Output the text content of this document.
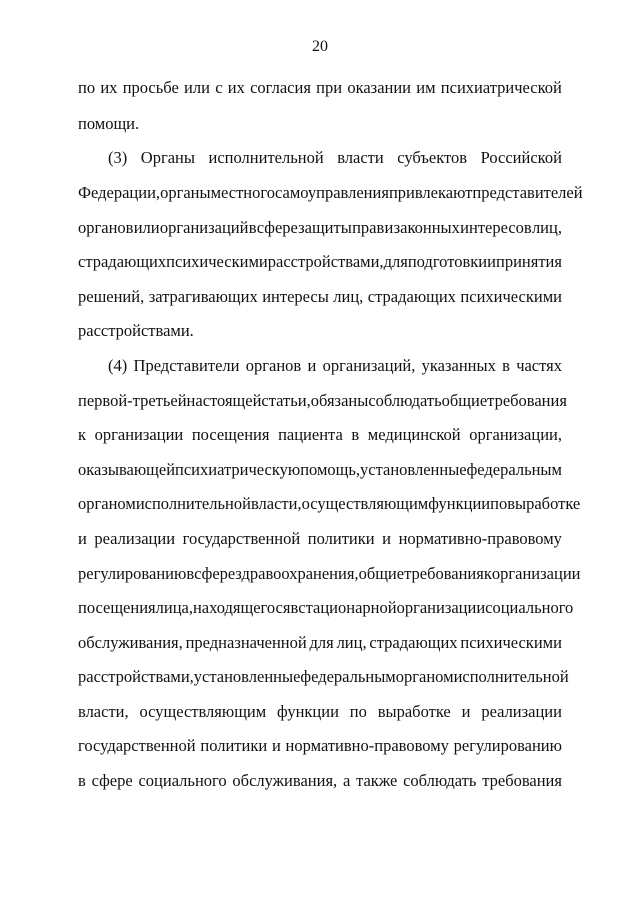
20
по их просьбе или с их согласия при оказании им психиатрической
помощи.
(3) Органы исполнительной власти субъектов Российской
Федерации, органы местного самоуправления привлекают представителей
органов или организаций в сфере защиты прав и законных интересов лиц,
страдающих психическими расстройствами, для подготовки и принятия
решений, затрагивающих интересы лиц, страдающих психическими
расстройствами.
(4) Представители органов и организаций, указанных в частях
первой - третьей настоящей статьи, обязаны соблюдать общие требования
к организации посещения пациента в медицинской организации,
оказывающей психиатрическую помощь, установленные федеральным
органом исполнительной власти, осуществляющим функции по выработке
и реализации государственной политики и нормативно-правовому
регулированию в сфере здравоохранения, общие требования к организации
посещения лица, находящегося в стационарной организации социального
обслуживания, предназначенной для лиц, страдающих психическими
расстройствами, установленные федеральным органом исполнительной
власти, осуществляющим функции по выработке и реализации
государственной политики и нормативно-правовому регулированию
в сфере социального обслуживания, а также соблюдать требования
